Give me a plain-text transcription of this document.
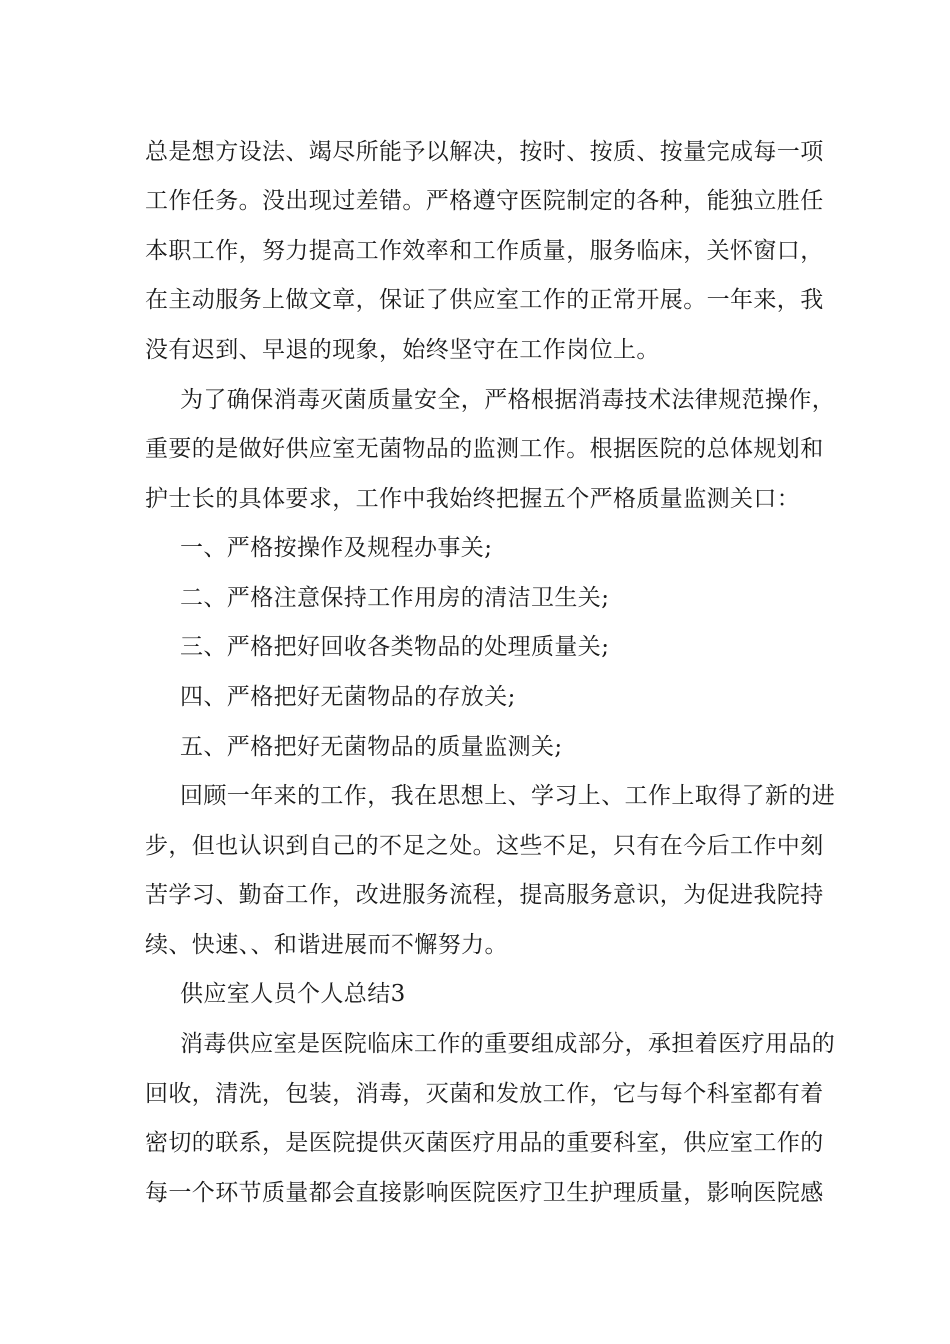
总是想方设法、竭尽所能予以解决，按时、按质、按量完成每一项
工作任务。没出现过差错。严格遵守医院制定的各种，能独立胜任
本职工作，努力提高工作效率和工作质量，服务临床，关怀窗口，
在主动服务上做文章，保证了供应室工作的正常开展。一年来，我
没有迟到、早退的现象，始终坚守在工作岗位上。
为了确保消毒灭菌质量安全，严格根据消毒技术法律规范操作，
重要的是做好供应室无菌物品的监测工作。根据医院的总体规划和
护士长的具体要求，工作中我始终把握五个严格质量监测关口：
一、严格按操作及规程办事关;
二、严格注意保持工作用房的清洁卫生关;
三、严格把好回收各类物品的处理质量关;
四、严格把好无菌物品的存放关;
五、严格把好无菌物品的质量监测关;
回顾一年来的工作，我在思想上、学习上、工作上取得了新的进
步，但也认识到自己的不足之处。这些不足，只有在今后工作中刻
苦学习、勤奋工作，改进服务流程，提高服务意识，为促进我院持
续、快速、、和谐进展而不懈努力。
供应室人员个人总结3
消毒供应室是医院临床工作的重要组成部分，承担着医疗用品的
回收，清洗，包装，消毒，灭菌和发放工作，它与每个科室都有着
密切的联系，是医院提供灭菌医疗用品的重要科室，供应室工作的
每一个环节质量都会直接影响医院医疗卫生护理质量，影响医院感
